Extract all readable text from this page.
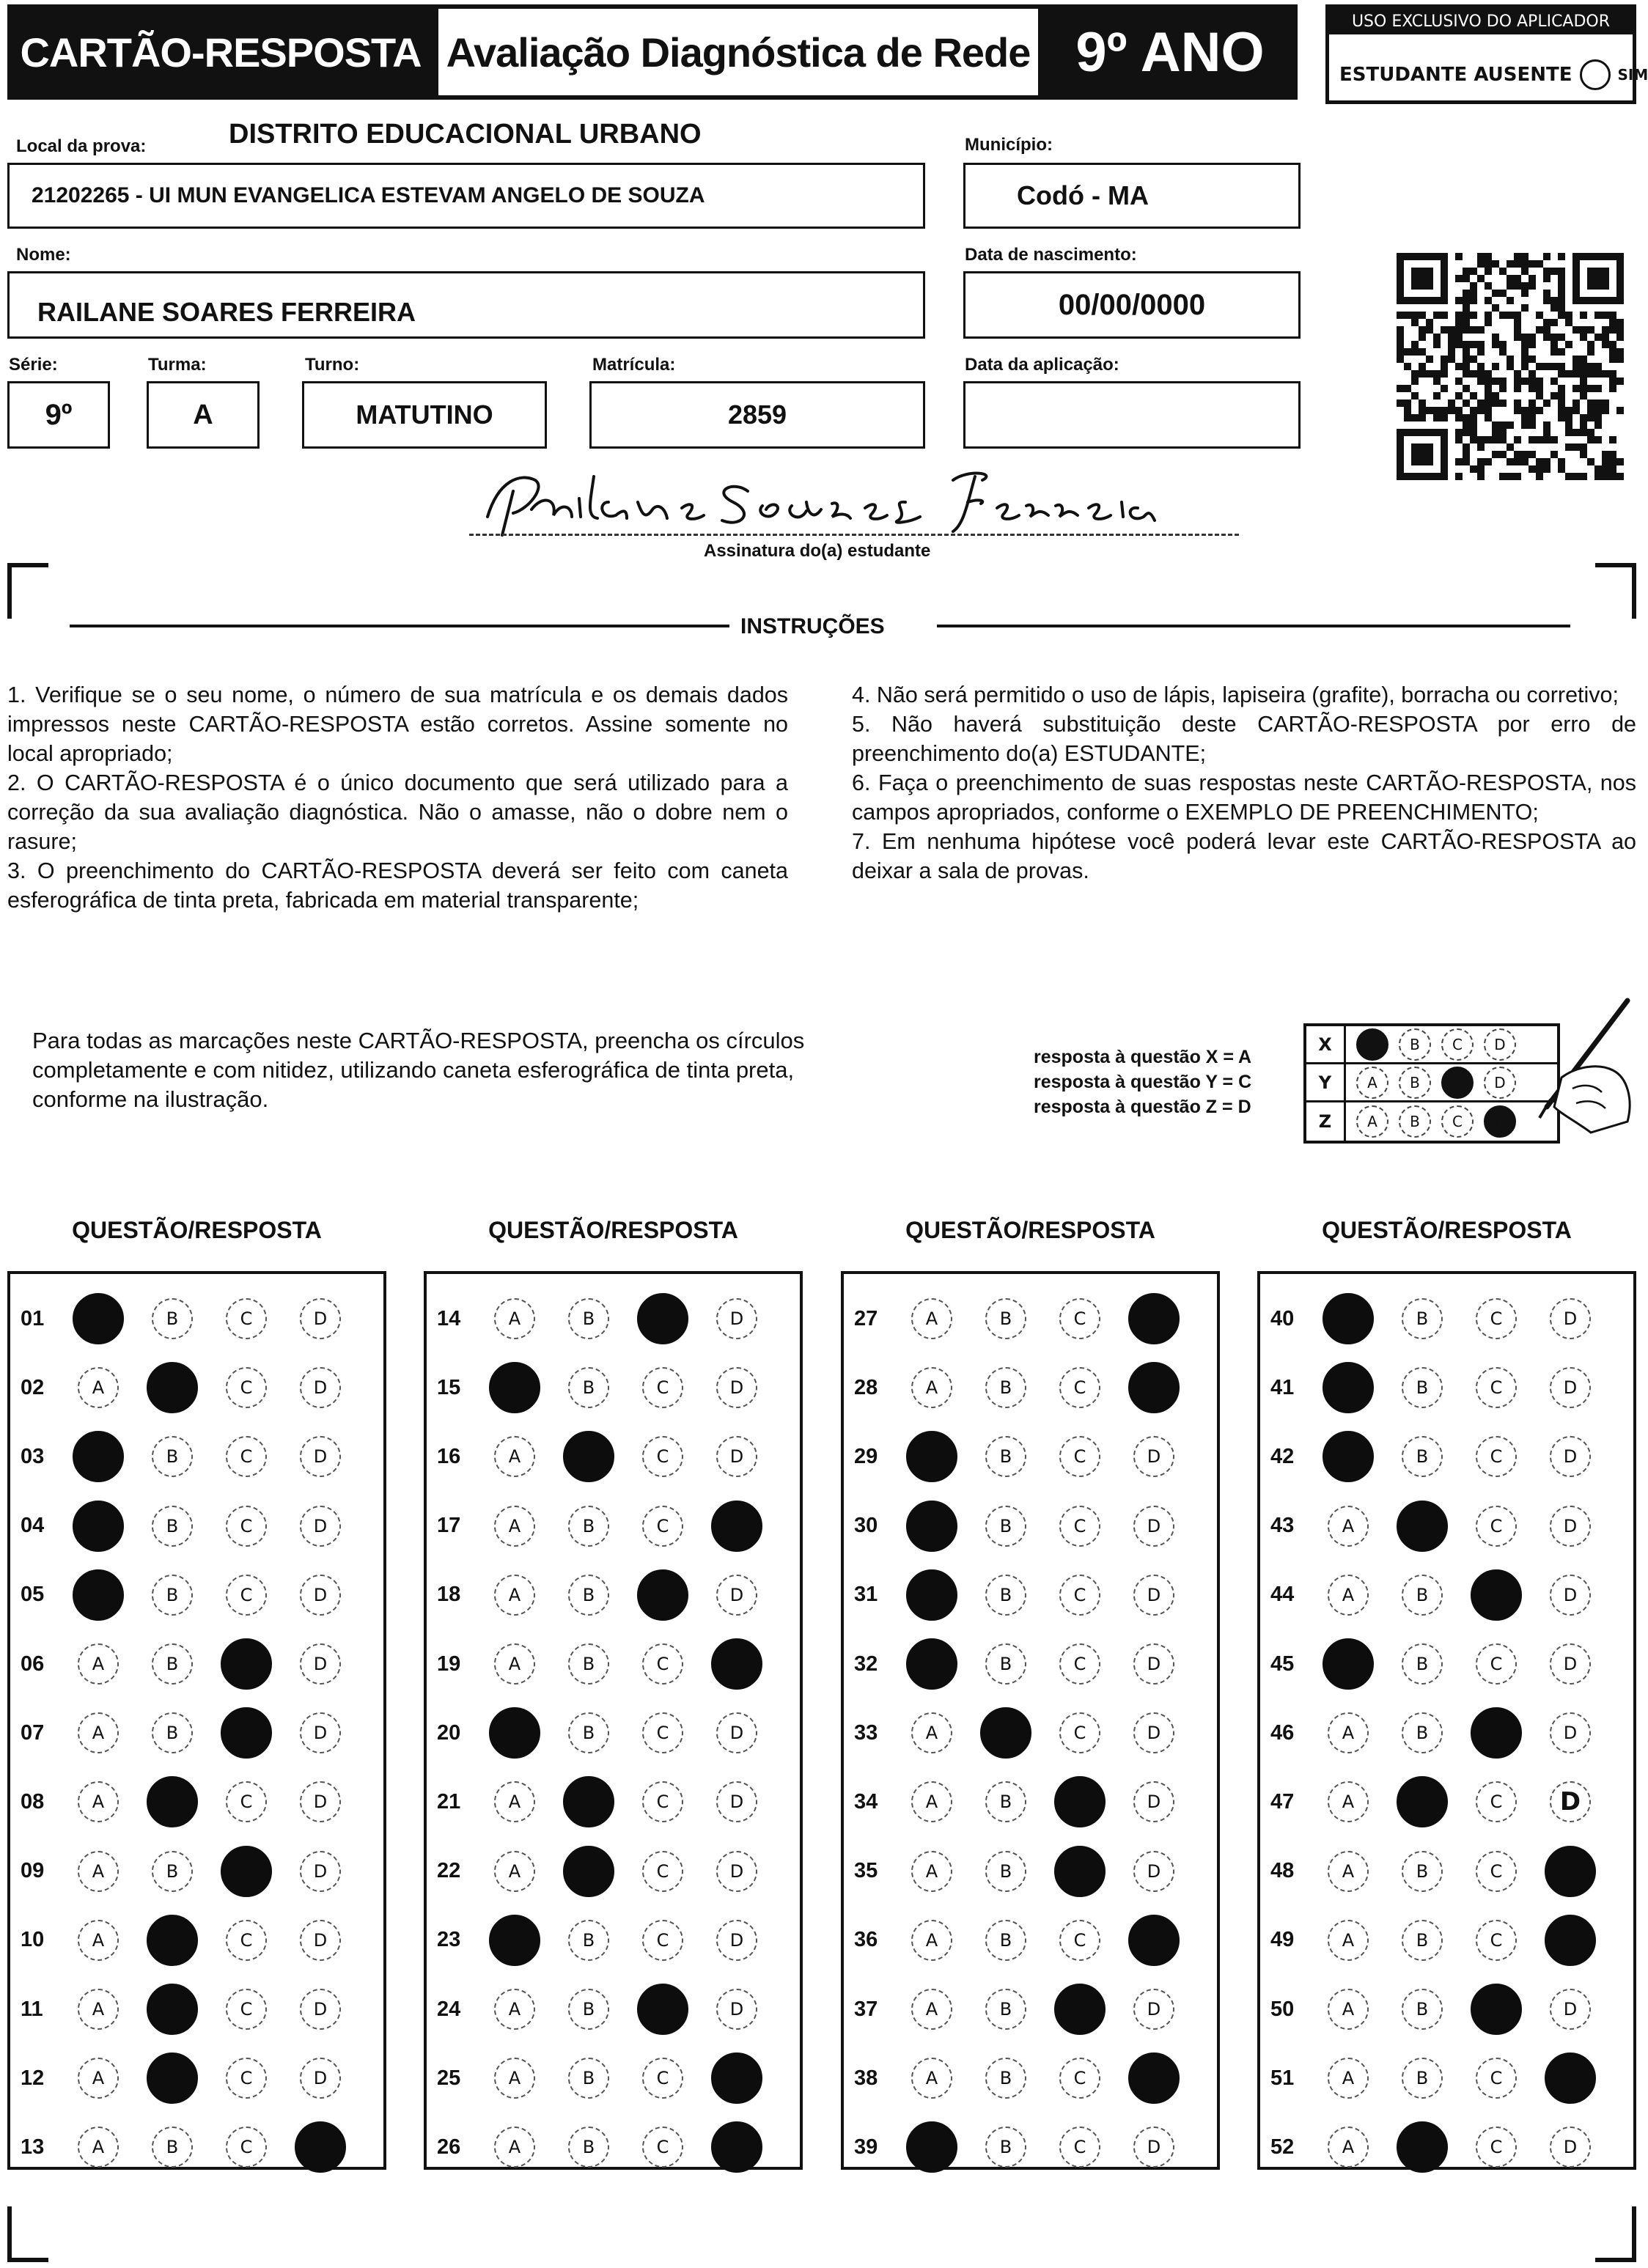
CARTÃO-RESPOSTA Avaliação Diagnóstica de Rede 9º ANO	USO EXCLUSIVO DO APLICADOR
ESTUDANTE AUSENTE	SIM
Local da prova:	DISTRITO EDUCACIONAL URBANO
21202265 - UI MUN EVANGELICA ESTEVAM ANGELO DE SOUZA
Município:
Codó - MA
Nome:
RAILANE SOARES FERREIRA
Data de nascimento:
00/00/0000
Série:
9º
Turma:
A
Turno:
MATUTINO
Matrícula:
2859
Data da aplicação:
Assinatura do(a) estudante
INSTRUÇÕES

1. Verifique se o seu nome, o número de sua matrícula e os demais dados impressos neste CARTÃO-RESPOSTA estão corretos. Assine somente no local apropriado;

2. O CARTÃO-RESPOSTA é o único documento que será utilizado para a correção da sua avaliação diagnóstica. Não o amasse, não o dobre nem o rasure;

3. O preenchimento do CARTÃO-RESPOSTA deverá ser feito com caneta esferográfica de tinta preta, fabricada em material transparente;

4. Não será permitido o uso de lápis, lapiseira (grafite), borracha ou corretivo;

5. Não haverá substituição deste CARTÃO-RESPOSTA por erro de preenchimento do(a) ESTUDANTE;

6. Faça o preenchimento de suas respostas neste CARTÃO-RESPOSTA, nos campos apropriados, conforme o EXEMPLO DE PREENCHIMENTO;

7. Em nenhuma hipótese você poderá levar este CARTÃO-RESPOSTA ao deixar a sala de provas.

Para todas as marcações neste CARTÃO-RESPOSTA, preencha os círculos completamente e com nitidez, utilizando caneta esferográfica de tinta preta, conforme na ilustração.
resposta à questão X = A
resposta à questão Y = C
resposta à questão Z = D
X	A	B	C	D
Y	A	B	C	D
Z	A	B	C	D
QUESTÃO/RESPOSTA
01	B	C	D
02	A	C	D
03	B	C	D
04	B	C	D
05	B	C	D
06	A	B	D
07	A	B	D
08	A	C	D
09	A	B	D
10	A	C	D
11	A	C	D
12	A	C	D
13	A	B	C
QUESTÃO/RESPOSTA
14	A	B	D
15	B	C	D
16	A	C	D
17	A	B	C
18	A	B	D
19	A	B	C
20	B	C	D
21	A	C	D
22	A	C	D
23	B	C	D
24	A	B	D
25	A	B	C
26	A	B	C
QUESTÃO/RESPOSTA
27	A	B	C
28	A	B	C
29	B	C	D
30	B	C	D
31	B	C	D
32	B	C	D
33	A	C	D
34	A	B	D
35	A	B	D
36	A	B	C
37	A	B	D
38	A	B	C
39	B	C	D
QUESTÃO/RESPOSTA
40	B	C	D
41	B	C	D
42	B	C	D
43	A	C	D
44	A	B	D
45	B	C	D
46	A	B	D
47	A	C	D
48	A	B	C
49	A	B	C
50	A	B	D
51	A	B	C
52	A	C	D
